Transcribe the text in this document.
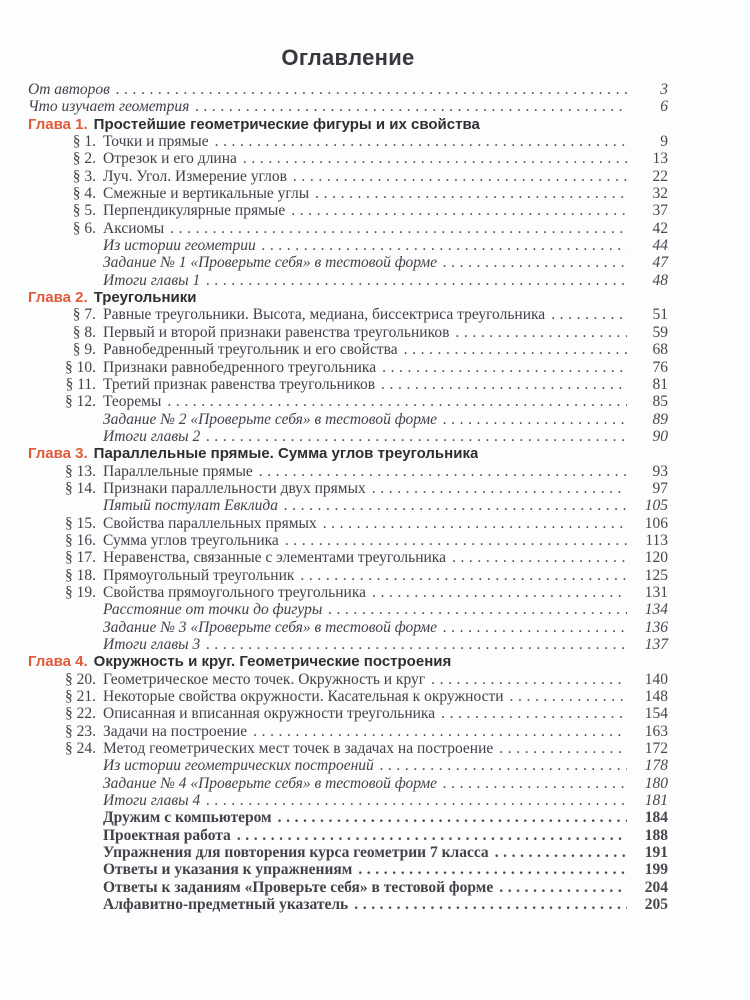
Оглавление
От авторов .....	3
Что изучает геометрия .....	6
Глава 1. Простейшие геометрические фигуры и их свойства
§ 1. Точки и прямые .....	9
§ 2. Отрезок и его длина .....	13
§ 3. Луч. Угол. Измерение углов .....	22
§ 4. Смежные и вертикальные углы .....	32
§ 5. Перпендикулярные прямые .....	37
§ 6. Аксиомы .....	42
Из истории геометрии .....	44
Задание № 1 «Проверьте себя» в тестовой форме .....	47
Итоги главы 1 .....	48
Глава 2. Треугольники
§ 7. Равные треугольники. Высота, медиана, биссектриса треугольника .....	51
§ 8. Первый и второй признаки равенства треугольников .....	59
§ 9. Равнобедренный треугольник и его свойства .....	68
§ 10. Признаки равнобедренного треугольника .....	76
§ 11. Третий признак равенства треугольников .....	81
§ 12. Теоремы .....	85
Задание № 2 «Проверьте себя» в тестовой форме .....	89
Итоги главы 2 .....	90
Глава 3. Параллельные прямые. Сумма углов треугольника
§ 13. Параллельные прямые .....	93
§ 14. Признаки параллельности двух прямых .....	97
Пятый постулат Евклида .....	105
§ 15. Свойства параллельных прямых .....	106
§ 16. Сумма углов треугольника .....	113
§ 17. Неравенства, связанные с элементами треугольника .....	120
§ 18. Прямоугольный треугольник .....	125
§ 19. Свойства прямоугольного треугольника .....	131
Расстояние от точки до фигуры .....	134
Задание № 3 «Проверьте себя» в тестовой форме .....	136
Итоги главы 3 .....	137
Глава 4. Окружность и круг. Геометрические построения
§ 20. Геометрическое место точек. Окружность и круг .....	140
§ 21. Некоторые свойства окружности. Касательная к окружности .....	148
§ 22. Описанная и вписанная окружности треугольника .....	154
§ 23. Задачи на построение .....	163
§ 24. Метод геометрических мест точек в задачах на построение .....	172
Из истории геометрических построений .....	178
Задание № 4 «Проверьте себя» в тестовой форме .....	180
Итоги главы 4 .....	181
Дружим с компьютером .....	184
Проектная работа .....	188
Упражнения для повторения курса геометрии 7 класса .....	191
Ответы и указания к упражнениям .....	199
Ответы к заданиям «Проверьте себя» в тестовой форме .....	204
Алфавитно-предметный указатель .....	205
